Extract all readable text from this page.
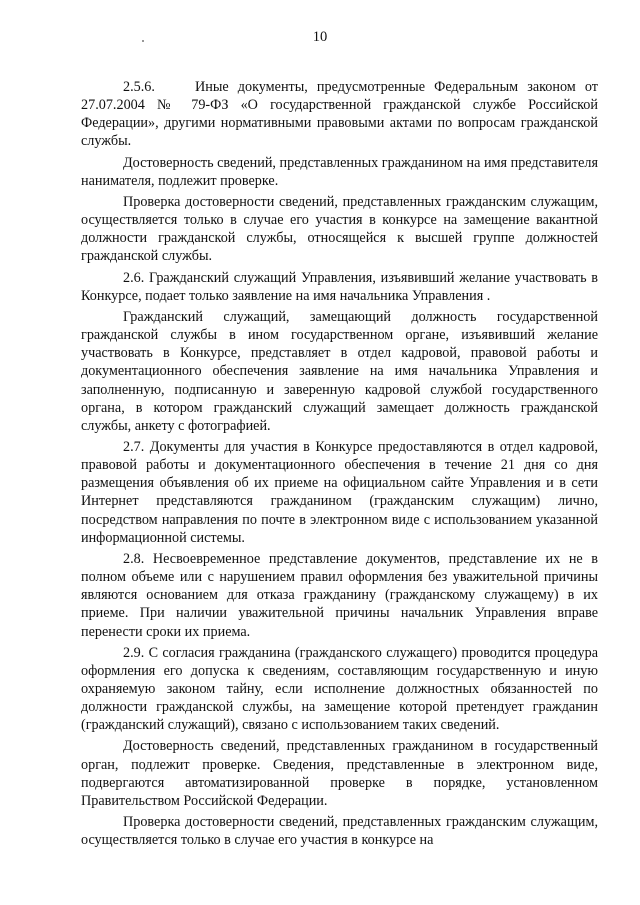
10

2.5.6.	Иные документы, предусмотренные Федеральным законом от 27.07.2004 № 79-ФЗ «О государственной гражданской службе Российской Федерации», другими нормативными правовыми актами по вопросам гражданской службы.

Достоверность сведений, представленных гражданином на имя представителя нанимателя, подлежит проверке.

Проверка достоверности сведений, представленных гражданским служащим, осуществляется только в случае его участия в конкурсе на замещение вакантной должности гражданской службы, относящейся к высшей группе должностей гражданской службы.

2.6. Гражданский служащий Управления, изъявивший желание участвовать в Конкурсе, подает только заявление на имя начальника Управления .

Гражданский служащий, замещающий должность государственной гражданской службы в ином государственном органе, изъявивший желание участвовать в Конкурсе, представляет в отдел кадровой, правовой работы и документационного обеспечения заявление на имя начальника Управления и заполненную, подписанную и заверенную кадровой службой государственного органа, в котором гражданский служащий замещает должность гражданской службы, анкету с фотографией.

2.7. Документы для участия в Конкурсе предоставляются в отдел кадровой, правовой работы и документационного обеспечения в течение 21 дня со дня размещения объявления об их приеме на официальном сайте Управления и в сети Интернет представляются гражданином (гражданским служащим) лично, посредством направления по почте в электронном виде с использованием указанной информационной системы.

2.8. Несвоевременное представление документов, представление их не в полном объеме или с нарушением правил оформления без уважительной причины являются основанием для отказа гражданину (гражданскому служащему) в их приеме. При наличии уважительной причины начальник Управления вправе перенести сроки их приема.

2.9. С согласия гражданина (гражданского служащего) проводится процедура оформления его допуска к сведениям, составляющим государственную и иную охраняемую законом тайну, если исполнение должностных обязанностей по должности гражданской службы, на замещение которой претендует гражданин (гражданский служащий), связано с использованием таких сведений.

Достоверность сведений, представленных гражданином в государственный орган, подлежит проверке. Сведения, представленные в электронном виде, подвергаются автоматизированной проверке в порядке, установленном Правительством Российской Федерации.

Проверка достоверности сведений, представленных гражданским служащим, осуществляется только в случае его участия в конкурсе на
